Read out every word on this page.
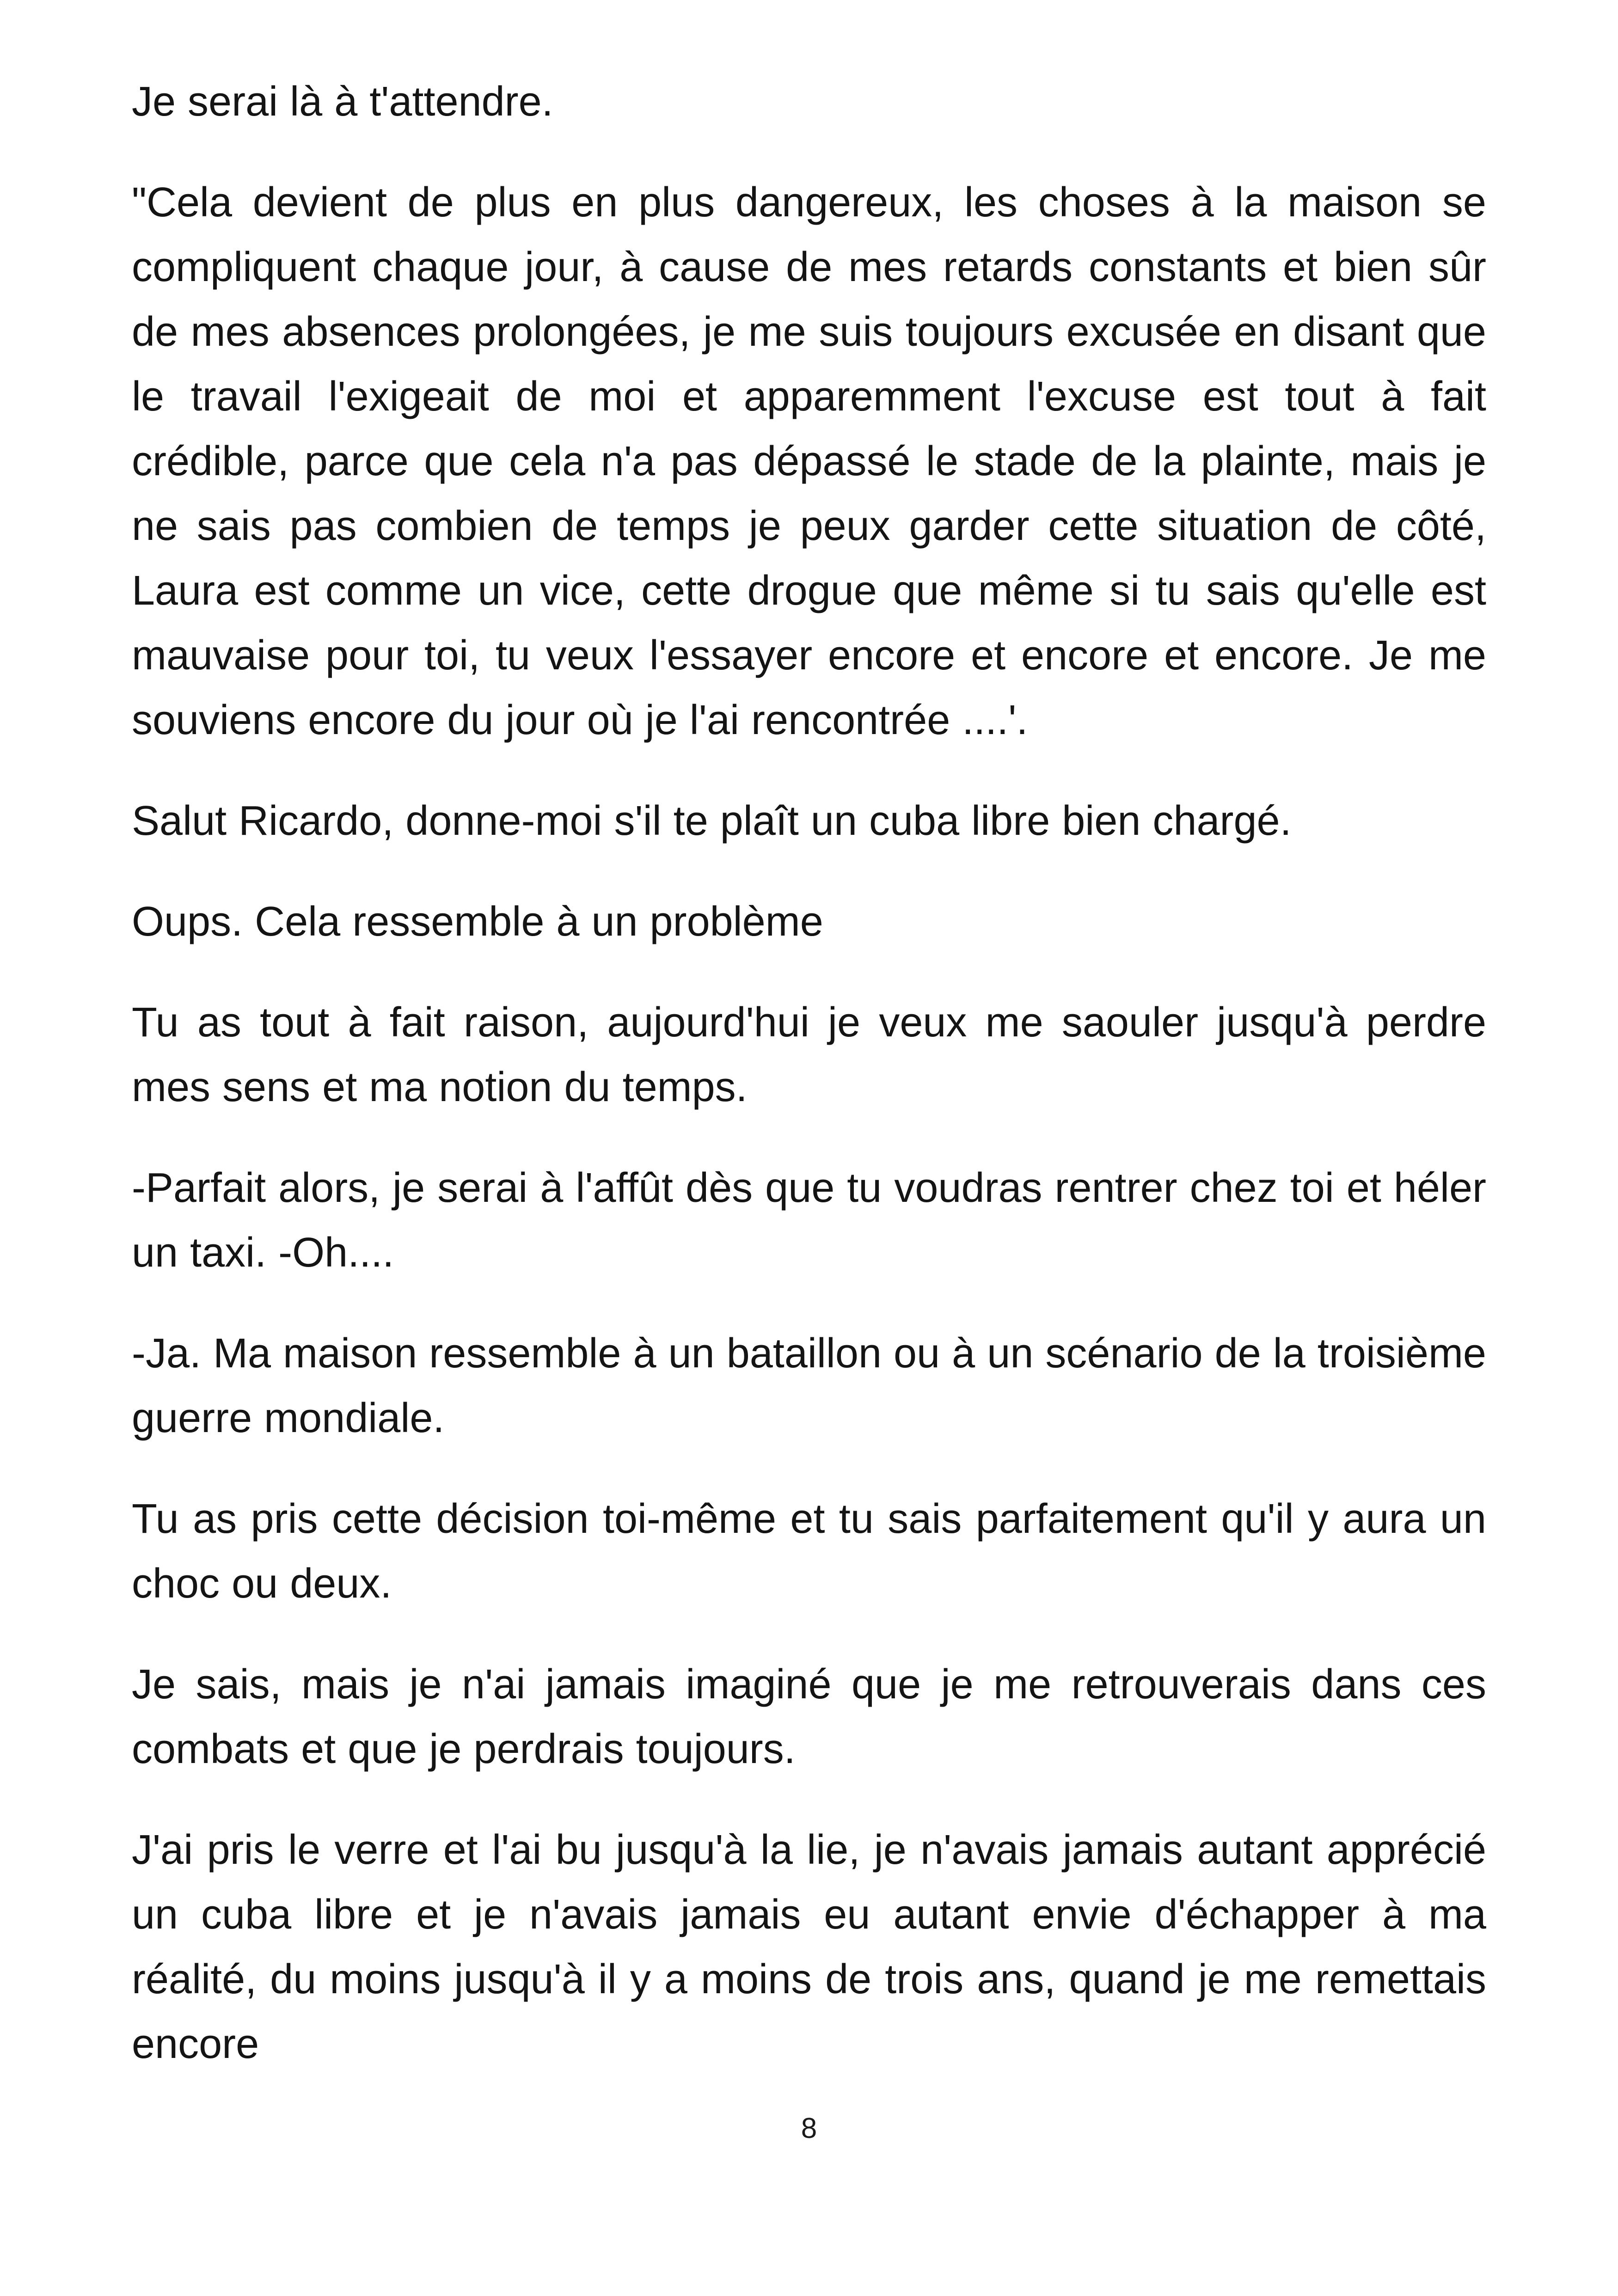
Je serai là à t'attendre.

"Cela devient de plus en plus dangereux, les choses à la maison se compliquent chaque jour, à cause de mes retards constants et bien sûr de mes absences prolongées, je me suis toujours excusée en disant que le travail l'exigeait de moi et apparemment l'excuse est tout à fait crédible, parce que cela n'a pas dépassé le stade de la plainte, mais je ne sais pas combien de temps je peux garder cette situation de côté, Laura est comme un vice, cette drogue que même si tu sais qu'elle est mauvaise pour toi, tu veux l'essayer encore et encore et encore. Je me souviens encore du jour où je l'ai rencontrée ....'.

Salut Ricardo, donne-moi s'il te plaît un cuba libre bien chargé.

Oups. Cela ressemble à un problème

Tu as tout à fait raison, aujourd'hui je veux me saouler jusqu'à perdre mes sens et ma notion du temps.

-Parfait alors, je serai à l'affût dès que tu voudras rentrer chez toi et héler un taxi. -Oh....

-Ja. Ma maison ressemble à un bataillon ou à un scénario de la troisième guerre mondiale.

Tu as pris cette décision toi-même et tu sais parfaitement qu'il y aura un choc ou deux.

Je sais, mais je n'ai jamais imaginé que je me retrouverais dans ces combats et que je perdrais toujours.

J'ai pris le verre et l'ai bu jusqu'à la lie, je n'avais jamais autant apprécié un cuba libre et je n'avais jamais eu autant envie d'échapper à ma réalité, du moins jusqu'à il y a moins de trois ans, quand je me remettais encore

8
